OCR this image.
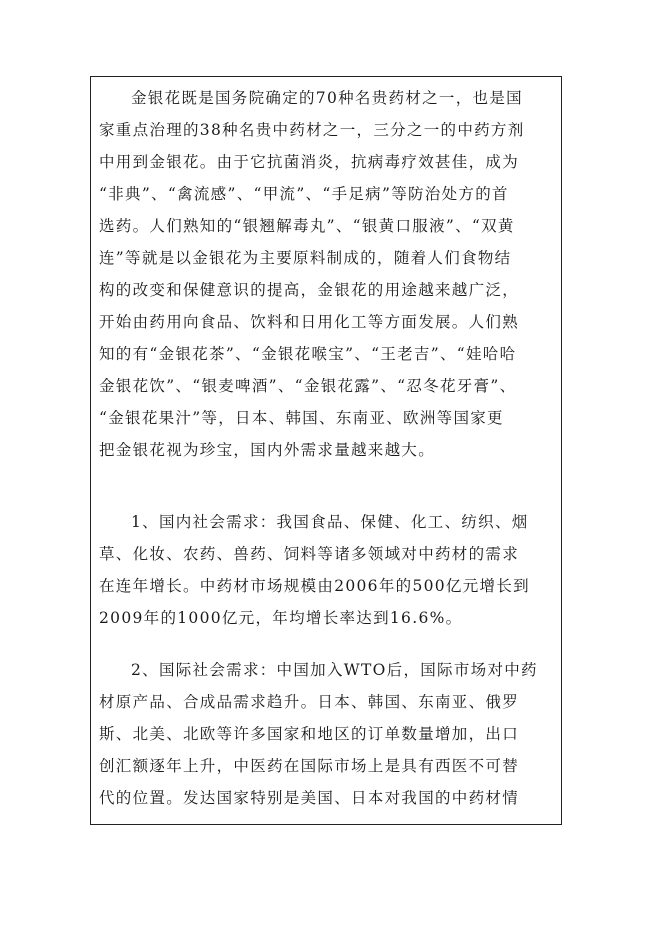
金银花既是国务院确定的70种名贵药材之一，也是国
家重点治理的38种名贵中药材之一，三分之一的中药方剂
中用到金银花。由于它抗菌消炎，抗病毒疗效甚佳，成为
“非典”、“禽流感”、“甲流”、“手足病”等防治处方的首
选药。人们熟知的“银翘解毒丸”、“银黄口服液”、“双黄
连”等就是以金银花为主要原料制成的，随着人们食物结
构的改变和保健意识的提高，金银花的用途越来越广泛，
开始由药用向食品、饮料和日用化工等方面发展。人们熟
知的有“金银花茶”、“金银花喉宝”、“王老吉”、“娃哈哈
金银花饮”、“银麦啤酒”、“金银花露”、“忍冬花牙膏”、
“金银花果汁”等，日本、韩国、东南亚、欧洲等国家更
把金银花视为珍宝，国内外需求量越来越大。
1、国内社会需求：我国食品、保健、化工、纺织、烟
草、化妆、农药、兽药、饲料等诸多领域对中药材的需求
在连年增长。中药材市场规模由2006年的500亿元增长到
2009年的1000亿元，年均增长率达到16.6%。
2、国际社会需求：中国加入WTO后，国际市场对中药
材原产品、合成品需求趋升。日本、韩国、东南亚、俄罗
斯、北美、北欧等许多国家和地区的订单数量增加，出口
创汇额逐年上升，中医药在国际市场上是具有西医不可替
代的位置。发达国家特别是美国、日本对我国的中药材情
